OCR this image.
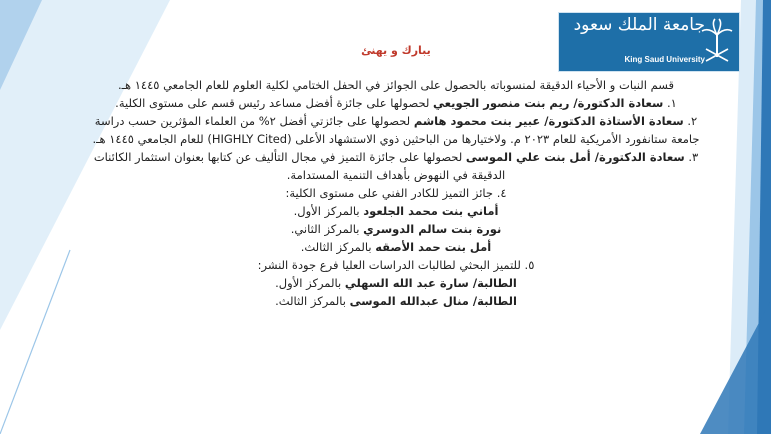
جامعة الملك سعود
King Saud University
يبارك و يهنئ

قسم النبات و الأحياء الدقيقة لمنسوباته بالحصول على الجوائز في الحفل الختامي لكلية العلوم للعام الجامعي ١٤٤٥ هـ.

١. سعادة الدكتورة/ ريم بنت منصور الجويعي لحصولها على جائزة أفضل مساعد رئيس قسم على مستوى الكلية.

٢. سعادة الأستاذة الدكتورة/ عبير بنت محمود هاشم لحصولها على جائزتي أفضل ٢% من العلماء المؤثرين حسب دراسة جامعة ستانفورد الأمريكية للعام ٢٠٢٣ م. ولاختيارها من الباحثين ذوي الاستشهاد الأعلى (HIGHLY Cited) للعام الجامعي ١٤٤٥ هـ.

٣. سعادة الدكتورة/ أمل بنت علي الموسى لحصولها على جائزة التميز في مجال التأليف عن كتابها بعنوان استثمار الكائنات الدقيقة في النهوض بأهداف التنمية المستدامة.

٤. جائز التميز للكادر الفني على مستوى الكلية:

أماني بنت محمد الجلعود بالمركز الأول.

نورة بنت سالم الدوسري بالمركز الثاني.

أمل بنت حمد الأصقه بالمركز الثالث.

٥. للتميز البحثي لطالبات الدراسات العليا فرع جودة النشر:

الطالبة/ سارة عبد الله السهلي بالمركز الأول.

الطالبة/ منال عبدالله الموسى بالمركز الثالث.
